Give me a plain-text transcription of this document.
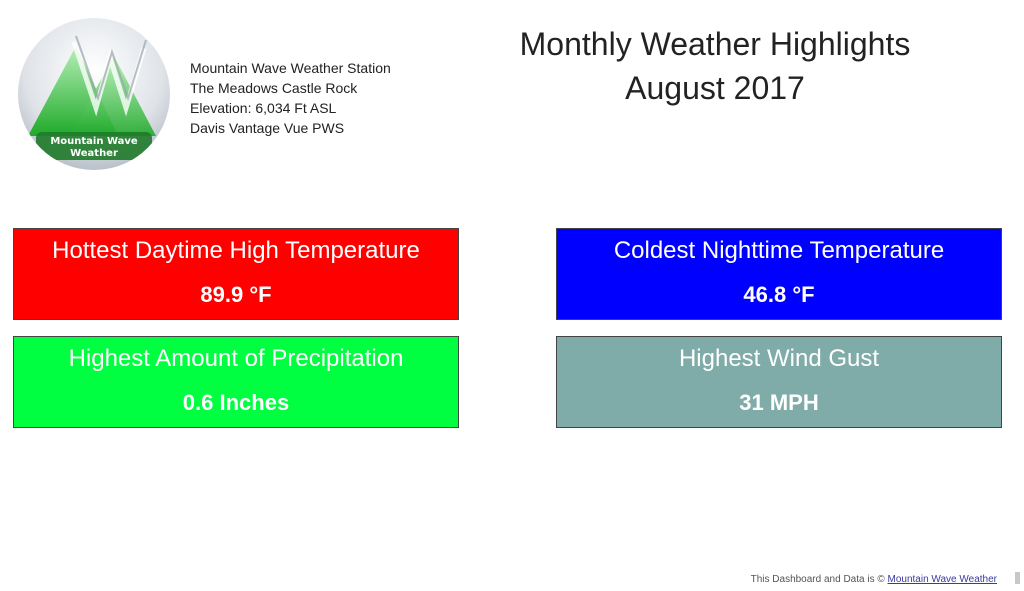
Mountain Wave
Weather
Mountain Wave Weather Station
The Meadows Castle Rock
Elevation: 6,034 Ft ASL
Davis Vantage Vue PWS
Monthly Weather Highlights
August 2017
Hottest Daytime High Temperature
89.9 °F
Coldest Nighttime Temperature
46.8 °F
Highest Amount of Precipitation
0.6 Inches
Highest Wind Gust
31 MPH
This Dashboard and Data is © Mountain Wave Weather
